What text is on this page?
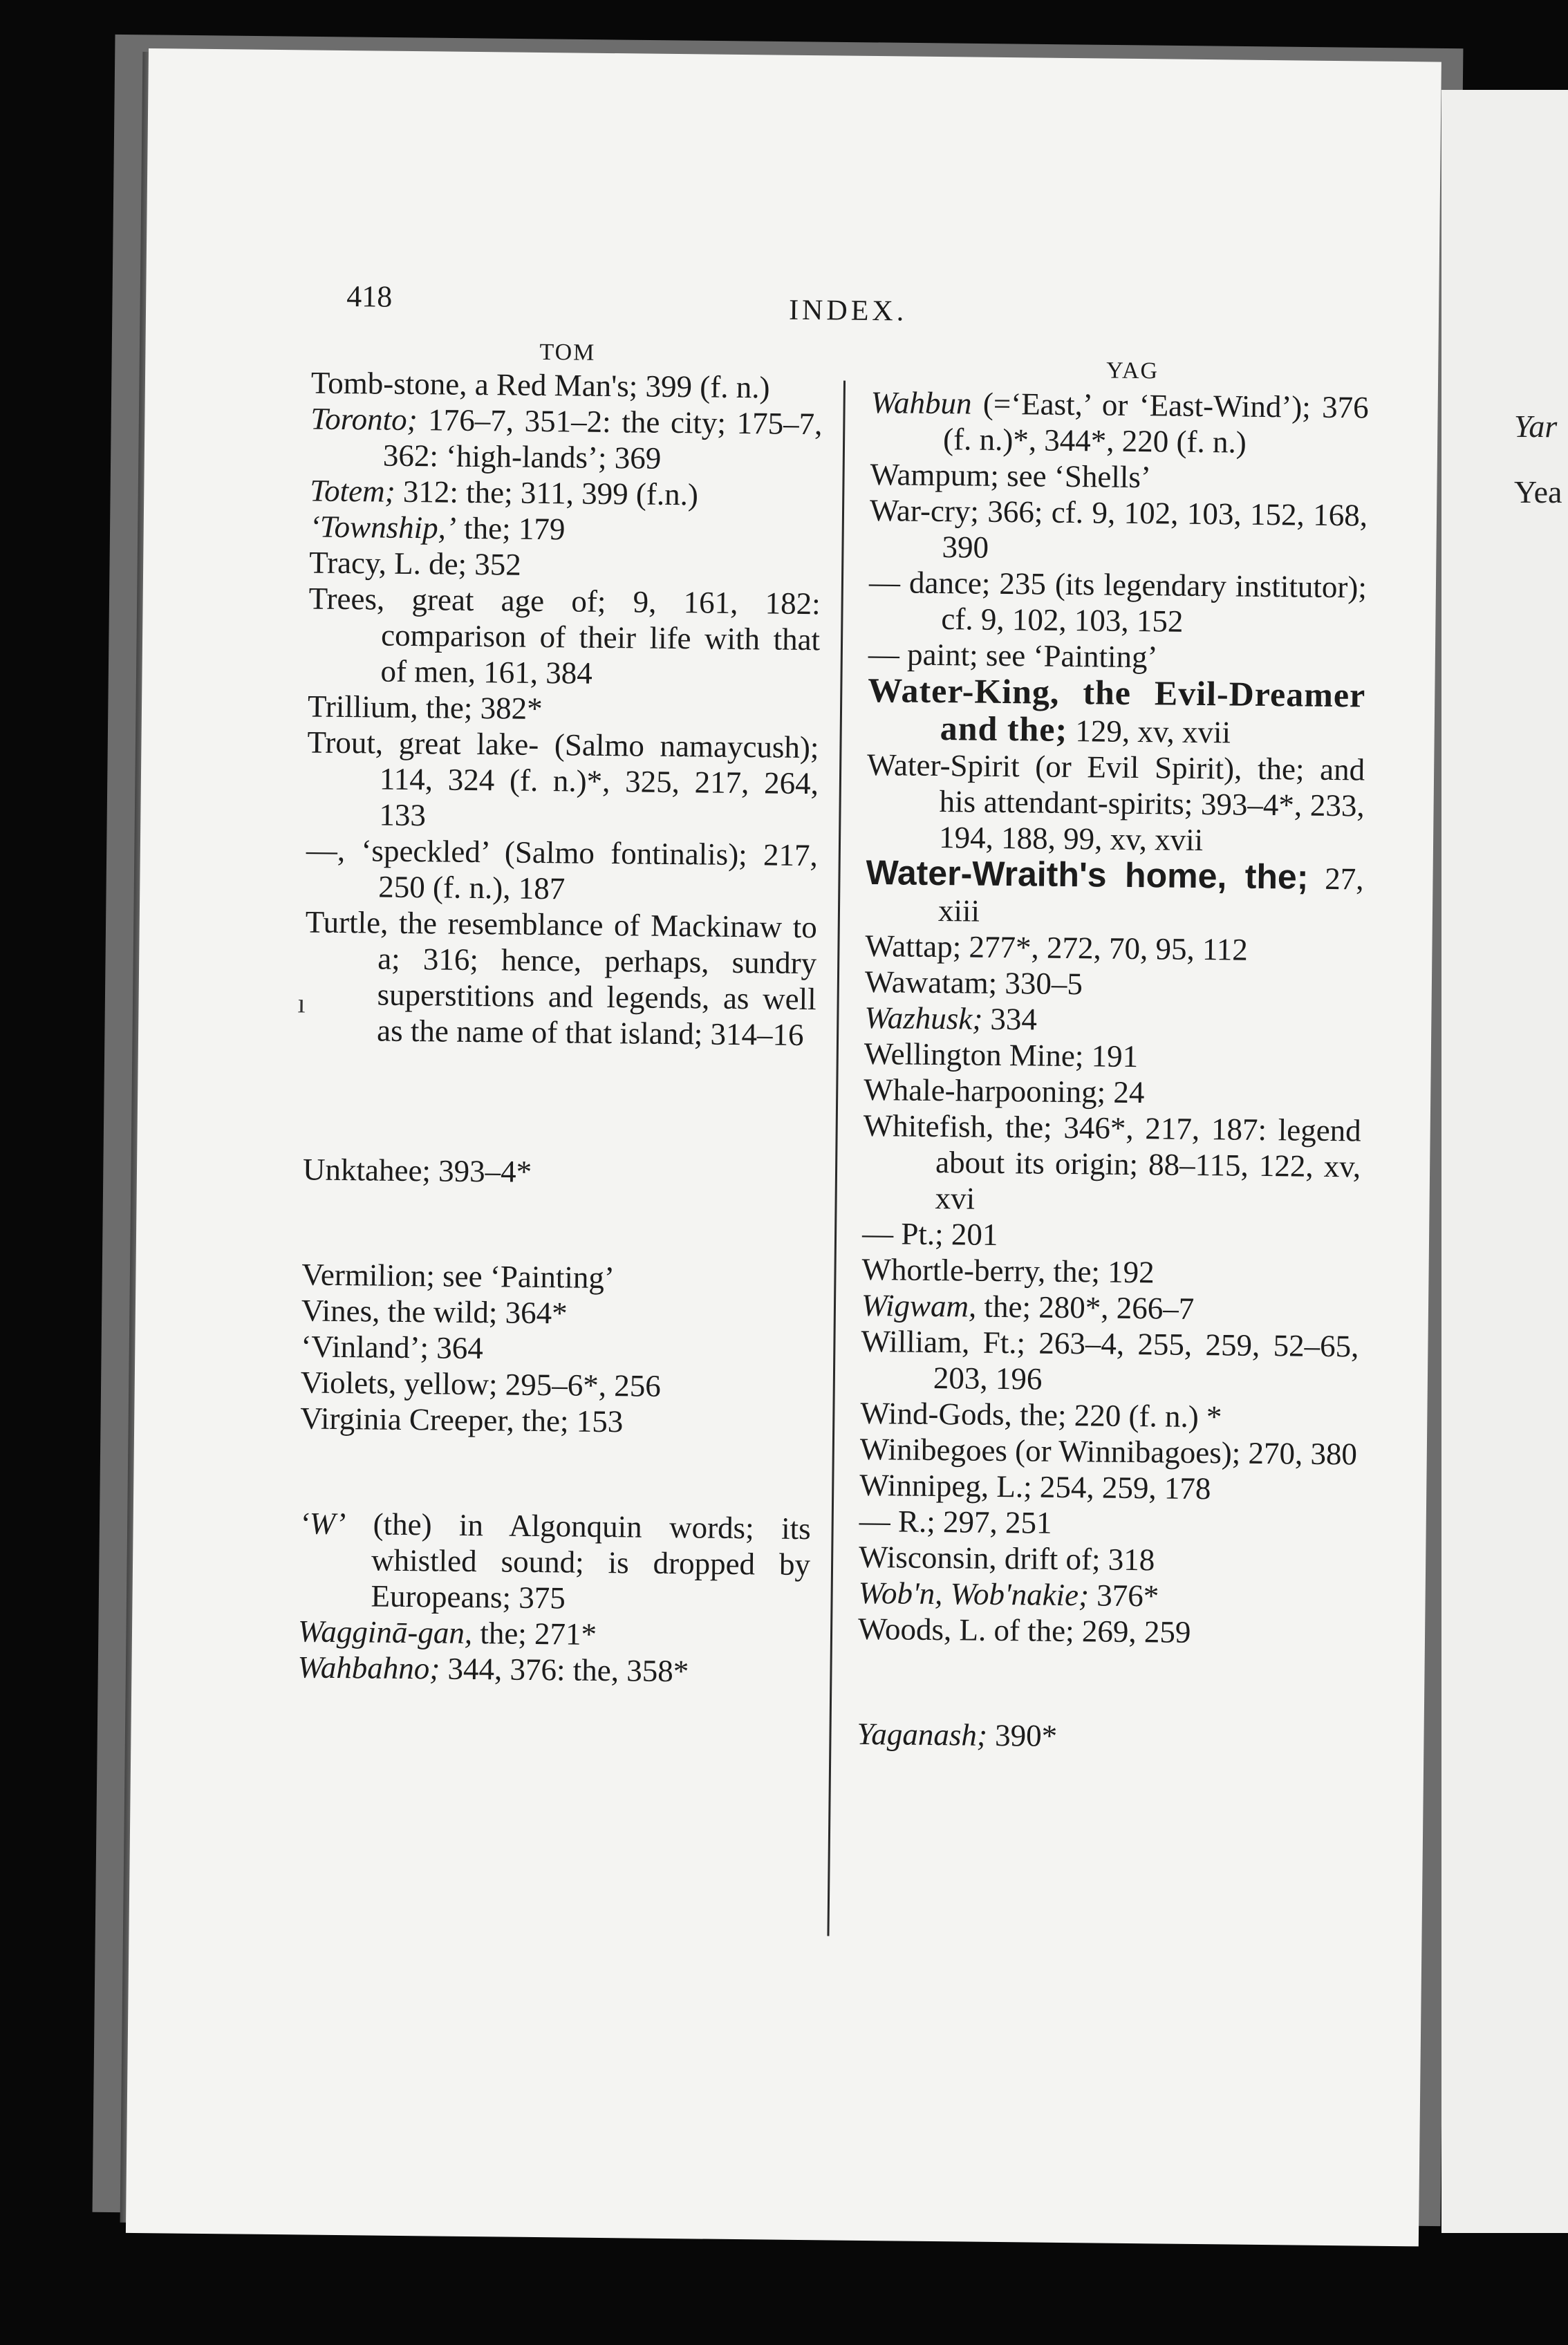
Yar
Yea
418	INDEX.
TOM
YAG

Tomb-stone, a Red Man's; 399 (f. n.)

Toronto; 176–7, 351–2: the city; 175–7, 362: ‘high-lands’; 369

Totem; 312: the; 311, 399 (f.n.)

‘Township,’ the; 179

Tracy, L. de; 352

Trees, great age of; 9, 161, 182: comparison of their life with that of men, 161, 384

Trillium, the; 382*

Trout, great lake- (Salmo namaycush); 114, 324 (f. n.)*, 325, 217, 264, 133

—, ‘speckled’ (Salmo fontinalis); 217, 250 (f. n.), 187

Turtle, the resemblance of Mackinaw to a; 316; hence, perhaps, sundry superstitions and legends, as well as the name of that island; 314–16

Unktahee; 393–4*

Vermilion; see ‘Painting’

Vines, the wild; 364*

‘Vinland’; 364

Violets, yellow; 295–6*, 256

Virginia Creeper, the; 153

‘W’ (the) in Algonquin words; its whistled sound; is dropped by Europeans; 375

Wagginā-gan, the; 271*

Wahbahno; 344, 376: the, 358*

Wahbun (=‘East,’ or ‘East-Wind’); 376 (f. n.)*, 344*, 220 (f. n.)

Wampum; see ‘Shells’

War-cry; 366; cf. 9, 102, 103, 152, 168, 390

— dance; 235 (its legendary institutor); cf. 9, 102, 103, 152

— paint; see ‘Painting’

Water-King, the Evil-Dreamer and the; 129, xv, xvii

Water-Spirit (or Evil Spirit), the; and his attendant-spirits; 393–4*, 233, 194, 188, 99, xv, xvii

Water-Wraith's home, the; 27, xiii

Wattap; 277*, 272, 70, 95, 112

Wawatam; 330–5

Wazhusk; 334

Wellington Mine; 191

Whale-harpooning; 24

Whitefish, the; 346*, 217, 187: legend about its origin; 88–115, 122, xv, xvi

— Pt.; 201

Whortle-berry, the; 192

Wigwam, the; 280*, 266–7

William, Ft.; 263–4, 255, 259, 52–65, 203, 196

Wind-Gods, the; 220 (f. n.) *

Winibegoes (or Winnibagoes); 270, 380

Winnipeg, L.; 254, 259, 178

— R.; 297, 251

Wisconsin, drift of; 318

Wob'n, Wob'nakie; 376*

Woods, L. of the; 269, 259

Yaganash; 390*

ı
